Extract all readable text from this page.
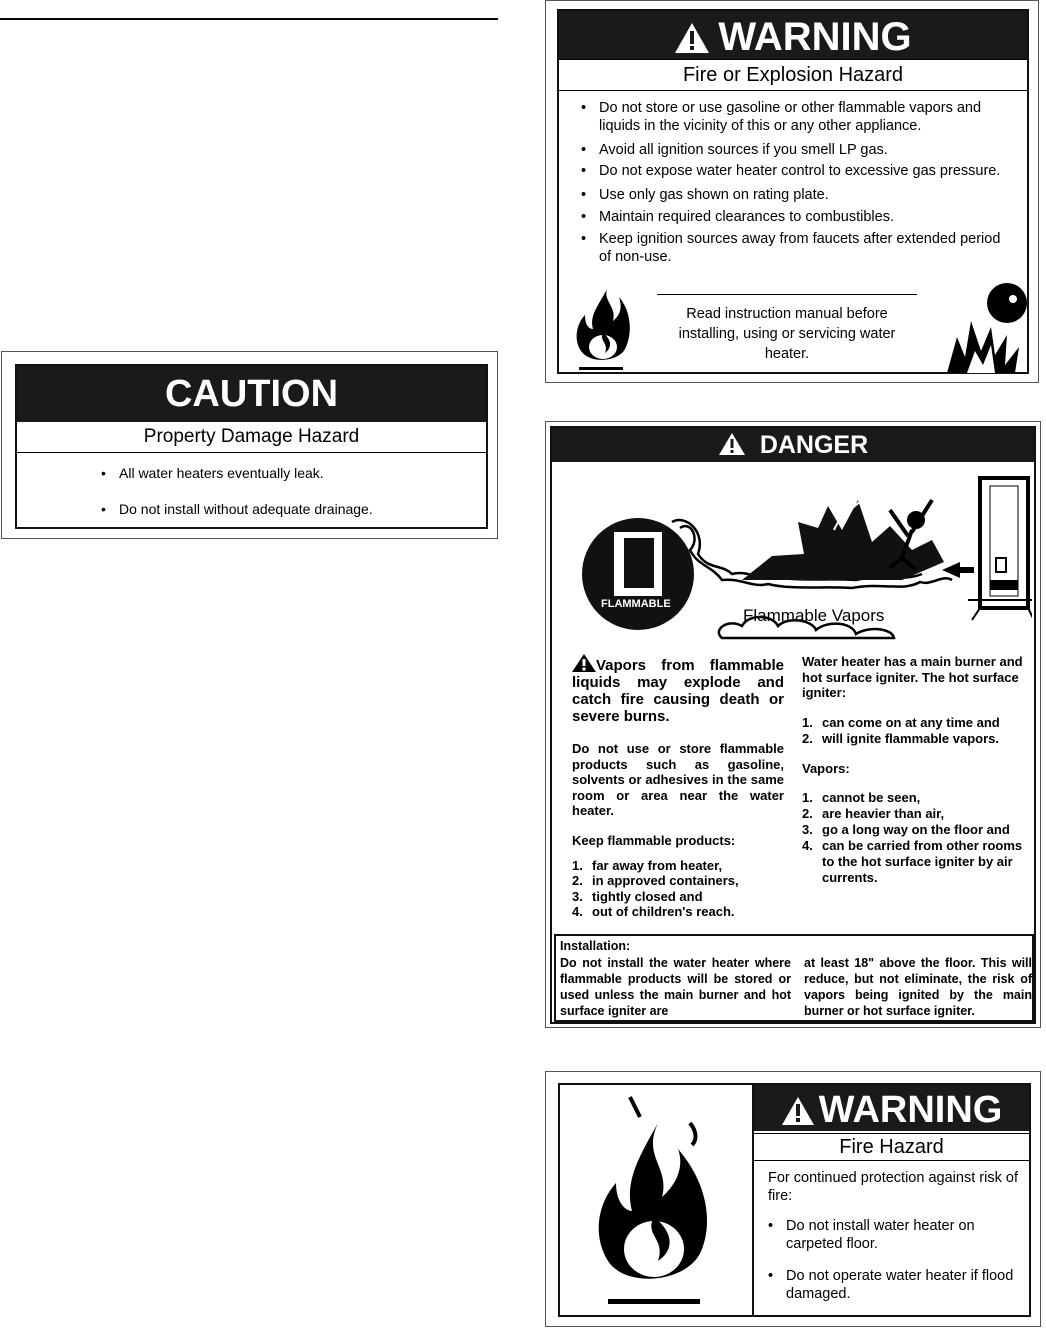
CAUTION
Property Damage Hazard
• All water heaters eventually leak.
• Do not install without adequate drainage.
WARNING
Fire or Explosion Hazard
• Do not store or use gasoline or other flammable vapors and liquids in the vicinity of this or any other appliance.
• Avoid all ignition sources if you smell LP gas.
• Do not expose water heater control to excessive gas pressure.
• Use only gas shown on rating plate.
• Maintain required clearances to combustibles.
• Keep ignition sources away from faucets after extended period of non-use.
Read instruction manual before installing, using or servicing water heater.
DANGER
FLAMMABLE
Flammable Vapors
Vapors from flammable liquids may explode and catch fire causing death or severe burns.
Do not use or store flammable products such as gasoline, solvents or adhesives in the same room or area near the water heater.
Keep flammable products:
1. far away from heater,
2. in approved containers,
3. tightly closed and
4. out of children's reach.
Water heater has a main burner and hot surface igniter. The hot surface igniter:
1. can come on at any time and
2. will ignite flammable vapors.
Vapors:
1. cannot be seen,
2. are heavier than air,
3. go a long way on the floor and
4. can be carried from other rooms to the hot surface igniter by air currents.
Installation:
Do not install the water heater where flammable products will be stored or used unless the main burner and hot surface igniter are
at least 18" above the floor. This will reduce, but not eliminate, the risk of vapors being ignited by the main burner or hot surface igniter.
WARNING
Fire Hazard
For continued protection against risk of fire:
• Do not install water heater on carpeted floor.
• Do not operate water heater if flood damaged.
